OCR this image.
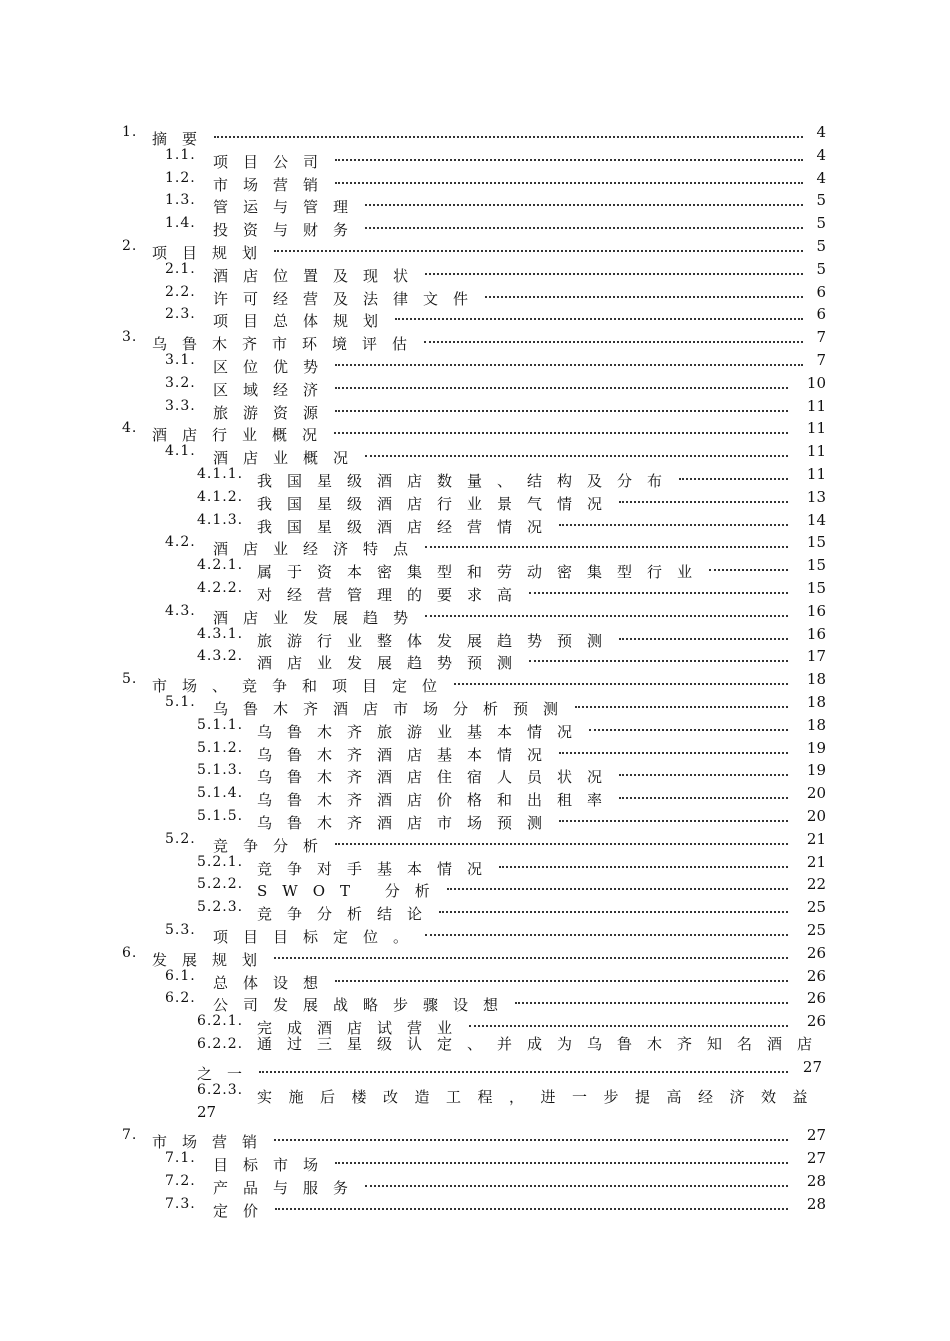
1. 摘要	4
1.1. 项目公司	4
1.2. 市场营销	4
1.3. 管运与管理	5
1.4. 投资与财务	5
2. 项目规划	5
2.1. 酒店位置及现状	5
2.2. 许可经营及法律文件	6
2.3. 项目总体规划	6
3. 乌鲁木齐市环境评估	7
3.1. 区位优势	7
3.2. 区域经济	10
3.3. 旅游资源	11
4. 酒店行业概况	11
4.1. 酒店业概况	11
4.1.1. 我国星级酒店数量、结构及分布	11
4.1.2. 我国星级酒店行业景气情况	13
4.1.3. 我国星级酒店经营情况	14
4.2. 酒店业经济特点	15
4.2.1. 属于资本密集型和劳动密集型行业	15
4.2.2. 对经营管理的要求高	15
4.3. 酒店业发展趋势	16
4.3.1. 旅游行业整体发展趋势预测	16
4.3.2. 酒店业发展趋势预测	17
5. 市场、竞争和项目定位	18
5.1. 乌鲁木齐酒店市场分析预测	18
5.1.1. 乌鲁木齐旅游业基本情况	18
5.1.2. 乌鲁木齐酒店基本情况	19
5.1.3. 乌鲁木齐酒店住宿人员状况	19
5.1.4. 乌鲁木齐酒店价格和出租率	20
5.1.5. 乌鲁木齐酒店市场预测	20
5.2. 竞争分析	21
5.2.1. 竞争对手基本情况	21
5.2.2. SWOT 分析	22
5.2.3. 竞争分析结论	25
5.3. 项目目标定位。	25
6. 发展规划	26
6.1. 总体设想	26
6.2. 公司发展战略步骤设想	26
6.2.1. 完成酒店试营业	26
6.2.2. 通过三星级认定、并成为乌鲁木齐知名酒店
之一	27
6.2.3. 实施后楼改造工程，进一步提高经济效益
27
7. 市场营销	27
7.1. 目标市场	27
7.2. 产品与服务	28
7.3. 定价	28
